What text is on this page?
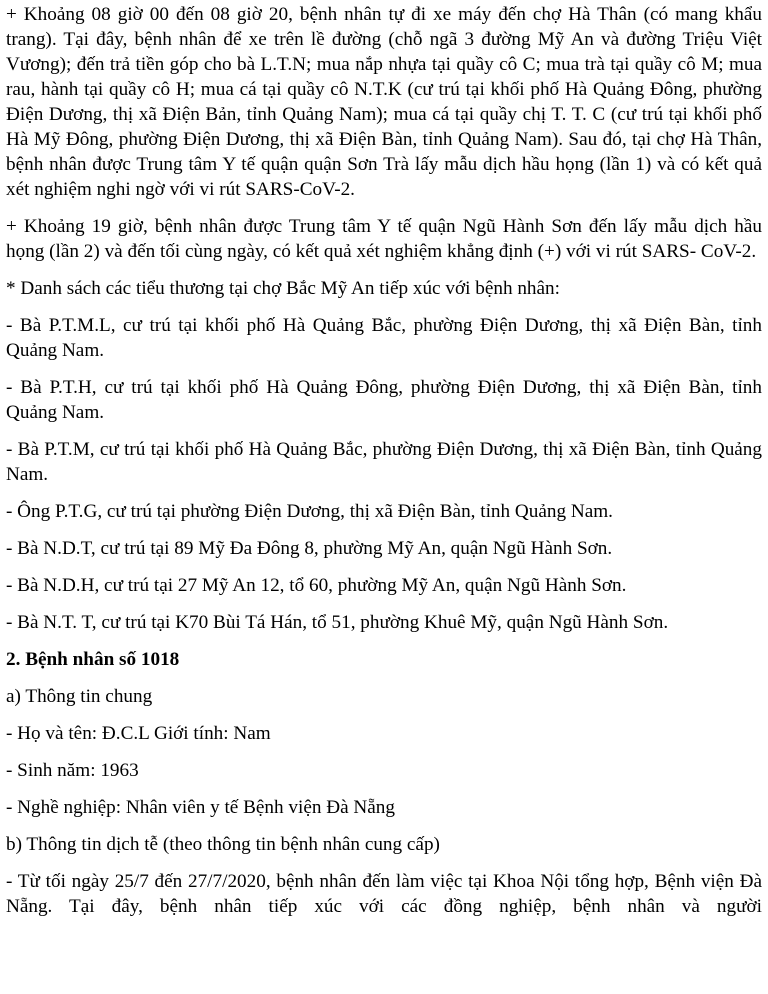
+ Khoảng 08 giờ 00 đến 08 giờ 20, bệnh nhân tự đi xe máy đến chợ Hà Thân (có mang khẩu trang). Tại đây, bệnh nhân để xe trên lề đường (chỗ ngã 3 đường Mỹ An và đường Triệu Việt Vương); đến trả tiền góp cho bà L.T.N; mua nắp nhựa tại quầy cô C; mua trà tại quầy cô M; mua rau, hành tại quầy cô H; mua cá tại quầy cô N.T.K (cư trú tại khối phố Hà Quảng Đông, phường Điện Dương, thị xã Điện Bản, tỉnh Quảng Nam); mua cá tại quầy chị T. T. C (cư trú tại khối phố Hà Mỹ Đông, phường Điện Dương, thị xã Điện Bàn, tỉnh Quảng Nam). Sau đó, tại chợ Hà Thân, bệnh nhân được Trung tâm Y tế quận quận Sơn Trà lấy mẫu dịch hầu họng (lần 1) và có kết quả xét nghiệm nghi ngờ với vi rút SARS-CoV-2.

+ Khoảng 19 giờ, bệnh nhân được Trung tâm Y tế quận Ngũ Hành Sơn đến lấy mẫu dịch hầu họng (lần 2) và đến tối cùng ngày, có kết quả xét nghiệm khẳng định (+) với vi rút SARS- CoV-2.

* Danh sách các tiểu thương tại chợ Bắc Mỹ An tiếp xúc với bệnh nhân:

- Bà P.T.M.L, cư trú tại khối phố Hà Quảng Bắc, phường Điện Dương, thị xã Điện Bàn, tỉnh Quảng Nam.

- Bà P.T.H, cư trú tại khối phố Hà Quảng Đông, phường Điện Dương, thị xã Điện Bàn, tỉnh Quảng Nam.

- Bà P.T.M, cư trú tại khối phố Hà Quảng Bắc, phường Điện Dương, thị xã Điện Bàn, tỉnh Quảng Nam.

- Ông P.T.G, cư trú tại phường Điện Dương, thị xã Điện Bàn, tỉnh Quảng Nam.

- Bà N.D.T, cư trú tại 89 Mỹ Đa Đông 8, phường Mỹ An, quận Ngũ Hành Sơn.

- Bà N.D.H, cư trú tại 27 Mỹ An 12, tổ 60, phường Mỹ An, quận Ngũ Hành Sơn.

- Bà N.T. T, cư trú tại K70 Bùi Tá Hán, tổ 51, phường Khuê Mỹ, quận Ngũ Hành Sơn.

2. Bệnh nhân số 1018

a) Thông tin chung

- Họ và tên: Đ.C.L Giới tính: Nam

- Sinh năm: 1963

- Nghề nghiệp: Nhân viên y tế Bệnh viện Đà Nẵng

b) Thông tin dịch tễ (theo thông tin bệnh nhân cung cấp)

- Từ tối ngày 25/7 đến 27/7/2020, bệnh nhân đến làm việc tại Khoa Nội tổng hợp, Bệnh viện Đà Nẵng. Tại đây, bệnh nhân tiếp xúc với các đồng nghiệp, bệnh nhân và người
